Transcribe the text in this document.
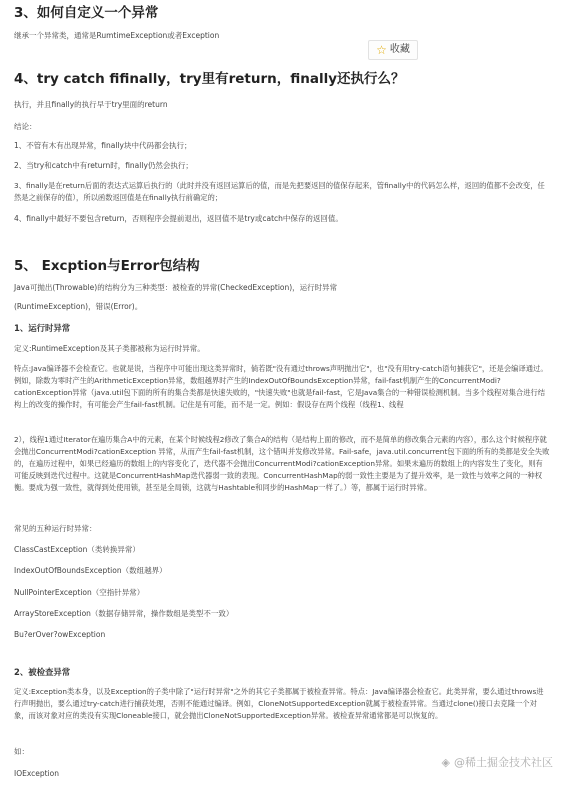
3、如何自定义一个异常
继承一个异常类，通常是RumtimeException或者Exception
4、try catch fifinally，try里有return，finally还执行么？
执行，并且finally的执行早于try里面的return
结论：
1、不管有木有出现异常，finally块中代码都会执行；
2、当try和catch中有return时，finally仍然会执行；
3、finally是在return后面的表达式运算后执行的（此时并没有返回运算后的值，而是先把要返回的值保存起来，管finally中的代码怎么样，返回的值都不会改变，任然是之前保存的值），所以函数返回值是在finally执行前确定的；
4、finally中最好不要包含return，否则程序会提前退出，返回值不是try或catch中保存的返回值。
5、 Excption与Error包结构
Java可抛出(Throwable)的结构分为三种类型：被检查的异常(CheckedException)，运行时异常
(RuntimeException)，错误(Error)。
1、运行时异常
定义:RuntimeException及其子类都被称为运行时异常。
特点:Java编译器不会检查它。也就是说，当程序中可能出现这类异常时，倘若既"没有通过throws声明抛出它"，也"没有用try-catch语句捕获它"，还是会编译通过。例如，除数为零时产生的ArithmeticException异常，数组越界时产生的IndexOutOfBoundsException异常，fail-fast机制产生的ConcurrentModi?cationException异常（java.util包下面的所有的集合类都是快速失败的，"快速失败"也就是fail-fast，它是Java集合的一种错误检测机制。当多个线程对集合进行结构上的改变的操作时，有可能会产生fail-fast机制。记住是有可能，而不是一定。例如：假设存在两个线程（线程1、线程
2），线程1通过Iterator在遍历集合A中的元素，在某个时候线程2修改了集合A的结构（是结构上面的修改，而不是简单的修改集合元素的内容），那么这个时候程序就会抛出ConcurrentModi?cationException 异常，从而产生fail-fast机制，这个错叫并发修改异常。Fail-safe，java.util.concurrent包下面的所有的类都是安全失败的，在遍历过程中，如果已经遍历的数组上的内容变化了，迭代器不会抛出ConcurrentModi?cationException异常。如果未遍历的数组上的内容发生了变化，则有可能反映到迭代过程中。这就是ConcurrentHashMap迭代器弱一致的表现。ConcurrentHashMap的弱一致性主要是为了提升效率，是一致性与效率之间的一种权衡。要成为强一致性，就得到处使用锁，甚至是全局锁，这就与Hashtable和同步的HashMap一样了。）等，都属于运行时异常。
常见的五种运行时异常：
ClassCastException（类转换异常）
IndexOutOfBoundsException（数组越界）
NullPointerException（空指针异常）
ArrayStoreException（数据存储异常，操作数组是类型不一致）
Bu?erOver?owException
2、被检查异常
定义:Exception类本身，以及Exception的子类中除了"运行时异常"之外的其它子类都属于被检查异常。特点：Java编译器会检查它。此类异常，要么通过throws进行声明抛出，要么通过try-catch进行捕获处理，否则不能通过编译。例如，CloneNotSupportedException就属于被检查异常。当通过clone()接口去克隆一个对象，而该对象对应的类没有实现Cloneable接口，就会抛出CloneNotSupportedException异常。被检查异常通常都是可以恢复的。
如：
IOException
☆ 收藏
◈ @稀土掘金技术社区
